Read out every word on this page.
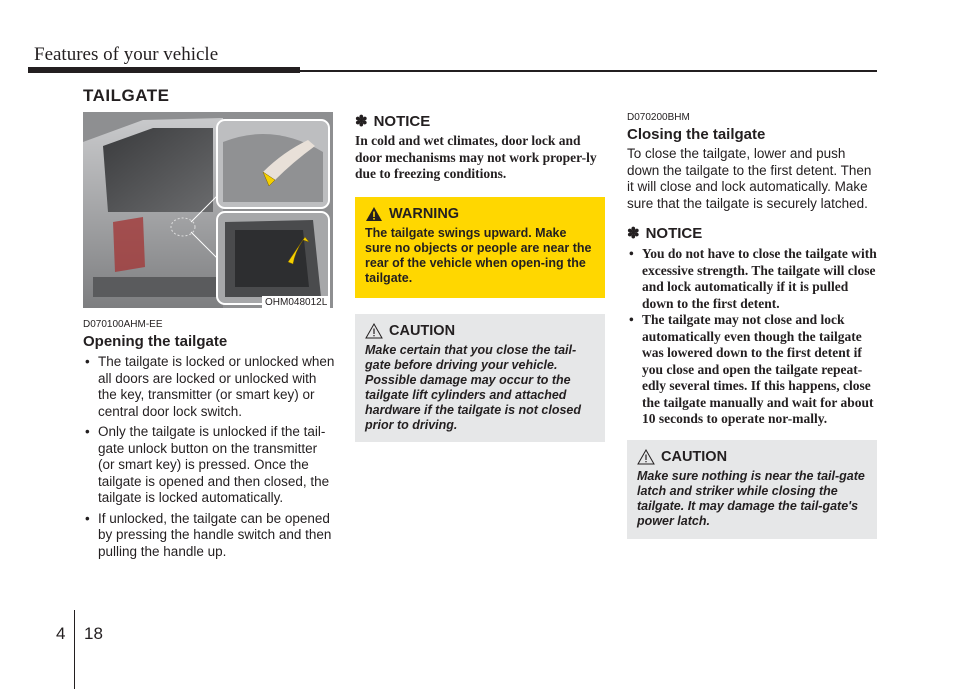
Features of your vehicle
TAILGATE
OHM048012L
D070100AHM-EE
Opening the tailgate
• The tailgate is locked or unlocked when all doors are locked or unlocked with the key, transmitter (or smart key) or central door lock switch.
• Only the tailgate is unlocked if the tail-gate unlock button on the transmitter (or smart key) is pressed. Once the tailgate is opened and then closed, the tailgate is locked automatically.
• If unlocked, the tailgate can be opened by pressing the handle switch and then pulling the handle up.
✽ NOTICE
In cold and wet climates, door lock and door mechanisms may not work proper-ly due to freezing conditions.
WARNING
The tailgate swings upward. Make sure no objects or people are near the rear of the vehicle when open-ing the tailgate.
CAUTION
Make certain that you close the tail-gate before driving your vehicle. Possible damage may occur to the tailgate lift cylinders and attached hardware if the tailgate is not closed prior to driving.
D070200BHM
Closing the tailgate
To close the tailgate, lower and push down the tailgate to the first detent. Then it will close and lock automatically. Make sure that the tailgate is securely latched.
✽ NOTICE
• You do not have to close the tailgate with excessive strength. The tailgate will close and lock automatically if it is pulled down to the first detent.
• The tailgate may not close and lock automatically even though the tailgate was lowered down to the first detent if you close and open the tailgate repeat-edly several times. If this happens, close the tailgate manually and wait for about 10 seconds to operate nor-mally.
CAUTION
Make sure nothing is near the tail-gate latch and striker while closing the tailgate. It may damage the tail-gate's power latch.
4 18
